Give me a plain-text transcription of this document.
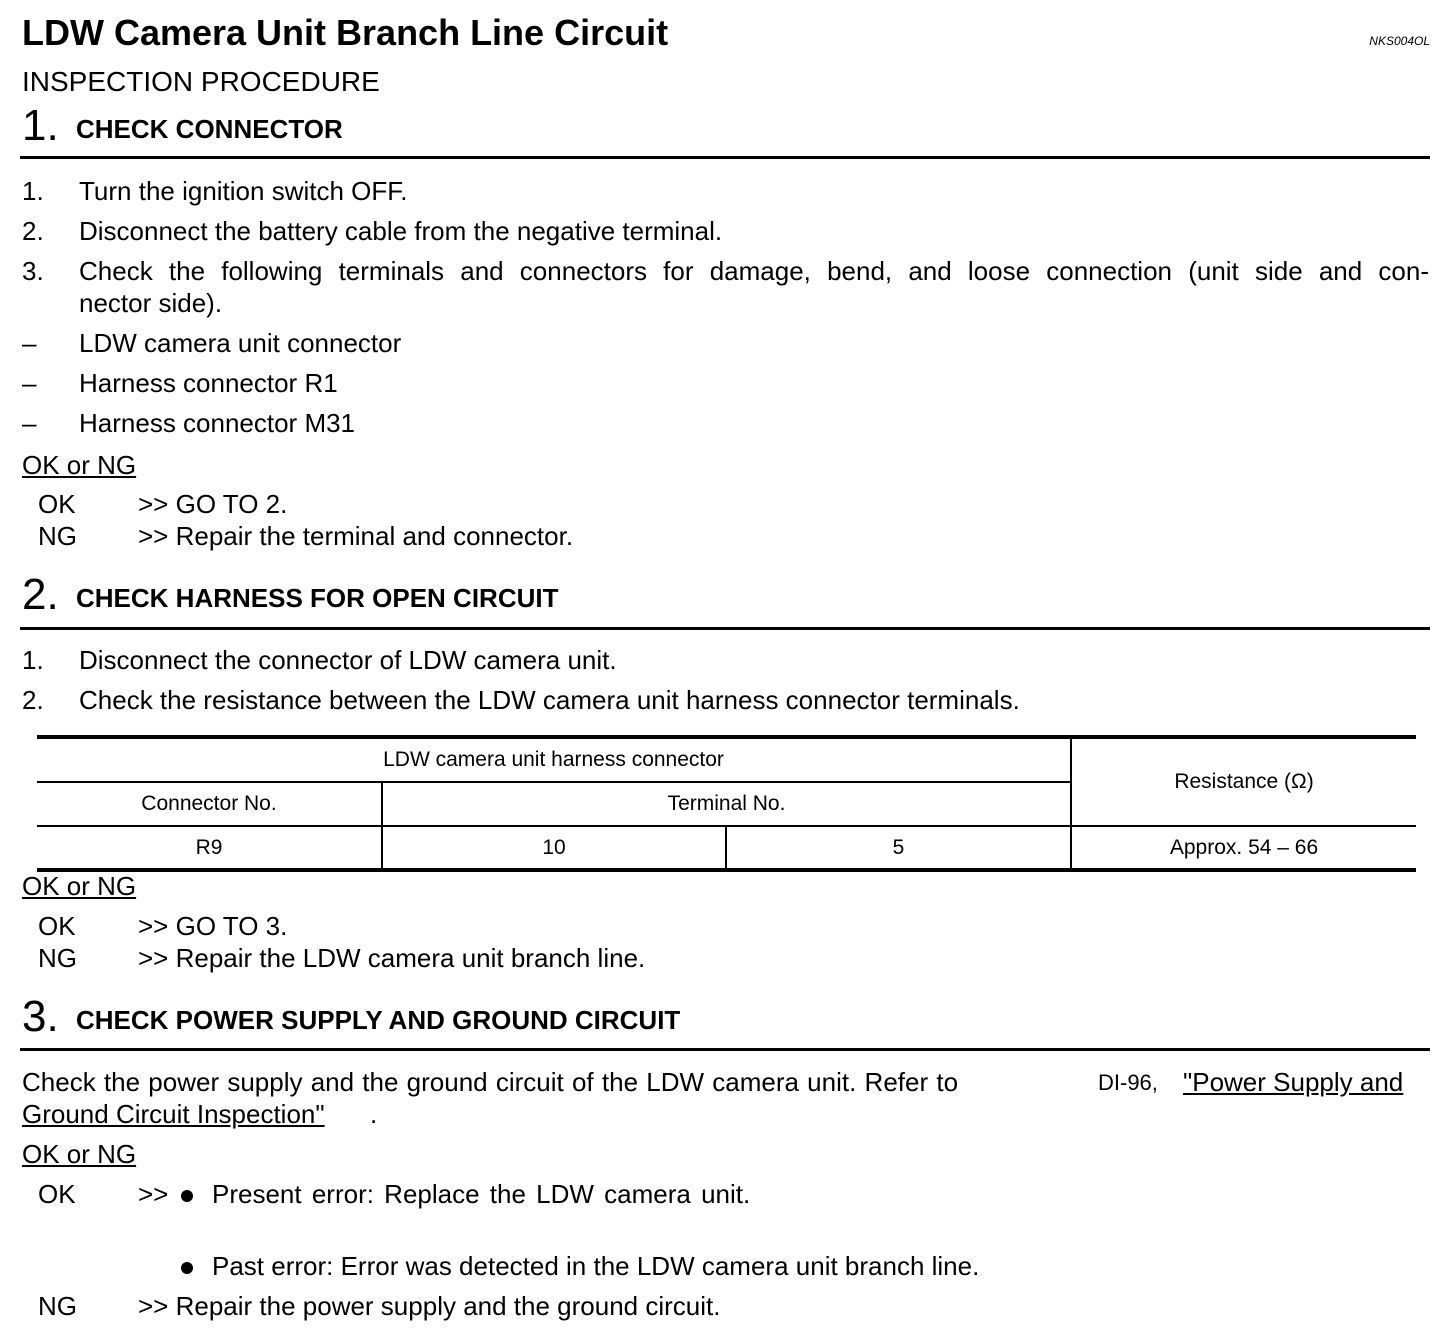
LDW Camera Unit Branch Line Circuit	NKS004OL
INSPECTION PROCEDURE
1. CHECK CONNECTOR
1. Turn the ignition switch OFF.
2. Disconnect the battery cable from the negative terminal.
3. Check the following terminals and connectors for damage, bend, and loose connection (unit side and con-
nector side).
– LDW camera unit connector
– Harness connector R1
– Harness connector M31
OK or NG
OK >> GO TO 2.
NG >> Repair the terminal and connector.
2. CHECK HARNESS FOR OPEN CIRCUIT
1. Disconnect the connector of LDW camera unit.
2. Check the resistance between the LDW camera unit harness connector terminals.
LDW camera unit harness connector			Resistance (Ω)
Connector No.	Terminal No.		
R9	10	5	Approx. 54 – 66
OK or NG
OK >> GO TO 3.
NG >> Repair the LDW camera unit branch line.
3. CHECK POWER SUPPLY AND GROUND CIRCUIT
Check the power supply and the ground circuit of the LDW camera unit. Refer to	DI-96, "Power Supply and
Ground Circuit Inspection" .
OK or NG
OK >> Present error: Replace the LDW camera unit.
Past error: Error was detected in the LDW camera unit branch line.
NG >> Repair the power supply and the ground circuit.
